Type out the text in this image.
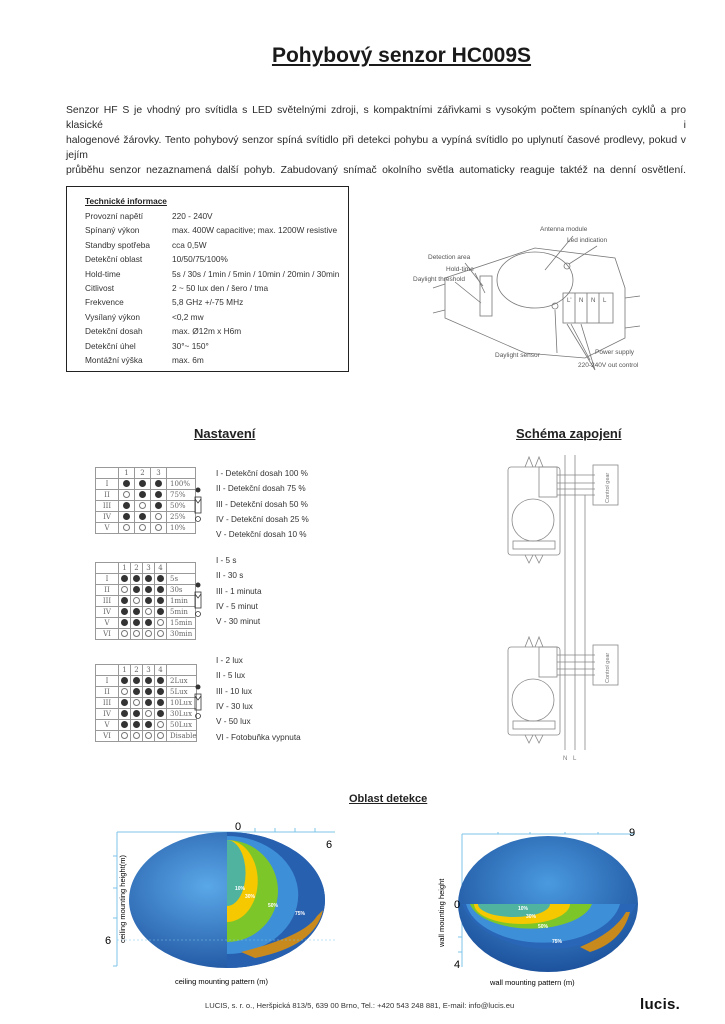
Pohybový senzor HC009S

Senzor HF S je vhodný pro svítidla s LED světelnými zdroji, s kompaktními zářivkami s vysokým počtem spínaných cyklů a pro klasické i

halogenové žárovky. Tento pohybový senzor spíná svítidlo při detekci pohybu a vypíná svítidlo po uplynutí časové prodlevy, pokud v jejím

průběhu senzor nezaznamená další pohyb. Zabudovaný snímač okolního světla automaticky reaguje taktéž na denní osvětlení.

Technické informace
Provozní napětí	220 - 240V
Spínaný výkon	max. 400W capacitive; max. 1200W resistive
Standby spotřeba	cca 0,5W
Detekční oblast	10/50/75/100%
Hold-time	5s / 30s / 1min / 5min / 10min / 20min / 30min
Citlivost	2 ~ 50 lux den / šero / tma
Frekvence	5,8 GHz +/-75 MHz
Vysílaný výkon	<0,2 mw
Detekční dosah	max. Ø12m x H6m
Detekční úhel	30°~ 150°
Montážní výška	max. 6m
Antenna module
Led indication
Detection area
Hold-time
Daylight threshold
Daylight sensor	Power supply
220-240V out control
L' N N L
Nastavení	Schéma zapojení
	1	2	3	
I				100%
II				75%
III				50%
IV				25%
V				10%
I - Detekční dosah 100 %
II - Detekční dosah 75 %
III - Detekční dosah 50 %
IV - Detekční dosah 25 %
V - Detekční dosah 10 %
	1	2	3	4	
I					5s
II					30s
III					1min
IV					5min
V					15min
VI					30min
I - 5 s
II - 30 s
III - 1 minuta
IV - 5 minut
V - 30 minut
	1	2	3	4	
I					2Lux
II					5Lux
III					10Lux
IV					30Lux
V					50Lux
VI					Disable
I - 2 lux
II - 5 lux
III - 10 lux
IV - 30 lux
V - 50 lux
VI - Fotobuňka vypnuta
Control gear
Control gear
N L
Oblast detekce
10%
30%
50%
75%
0
6
6 ceiling mounting height(m)
ceiling mounting pattern (m)
10%
30%
50%
75%
9
0
4
wall mounting height
wall mounting pattern (m)
LUCIS, s. r. o., Heršpická 813/5, 639 00 Brno, Tel.: +420 543 248 881, E-mail: info@lucis.eu	lucis.
